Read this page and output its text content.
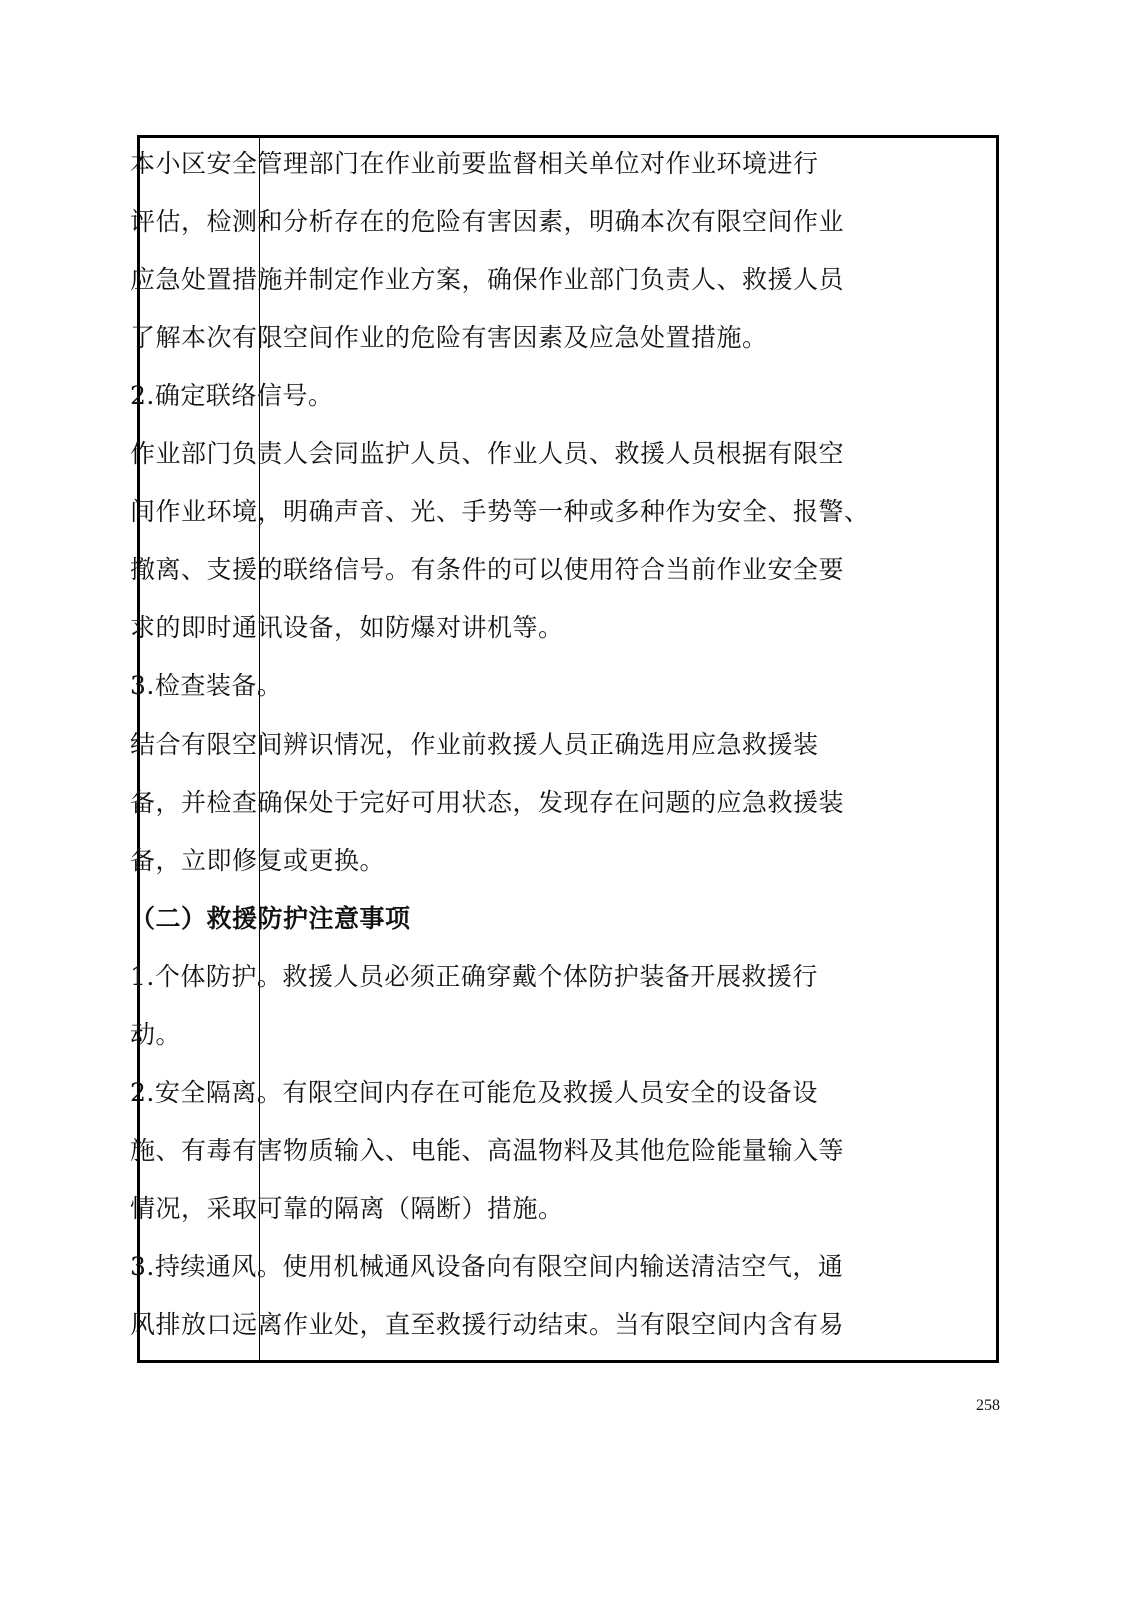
本小区安全管理部门在作业前要监督相关单位对作业环境进行
评估，检测和分析存在的危险有害因素，明确本次有限空间作业
应急处置措施并制定作业方案，确保作业部门负责人、救援人员
了解本次有限空间作业的危险有害因素及应急处置措施。
2.确定联络信号。
作业部门负责人会同监护人员、作业人员、救援人员根据有限空
间作业环境，明确声音、光、手势等一种或多种作为安全、报警、
撤离、支援的联络信号。有条件的可以使用符合当前作业安全要
求的即时通讯设备，如防爆对讲机等。
3.检查装备。
结合有限空间辨识情况，作业前救援人员正确选用应急救援装
备，并检查确保处于完好可用状态，发现存在问题的应急救援装
备，立即修复或更换。
（二）救援防护注意事项
1.个体防护。救援人员必须正确穿戴个体防护装备开展救援行
动。
2.安全隔离。有限空间内存在可能危及救援人员安全的设备设
施、有毒有害物质输入、电能、高温物料及其他危险能量输入等
情况，采取可靠的隔离（隔断）措施。
3.持续通风。使用机械通风设备向有限空间内输送清洁空气，通
风排放口远离作业处，直至救援行动结束。当有限空间内含有易
258
